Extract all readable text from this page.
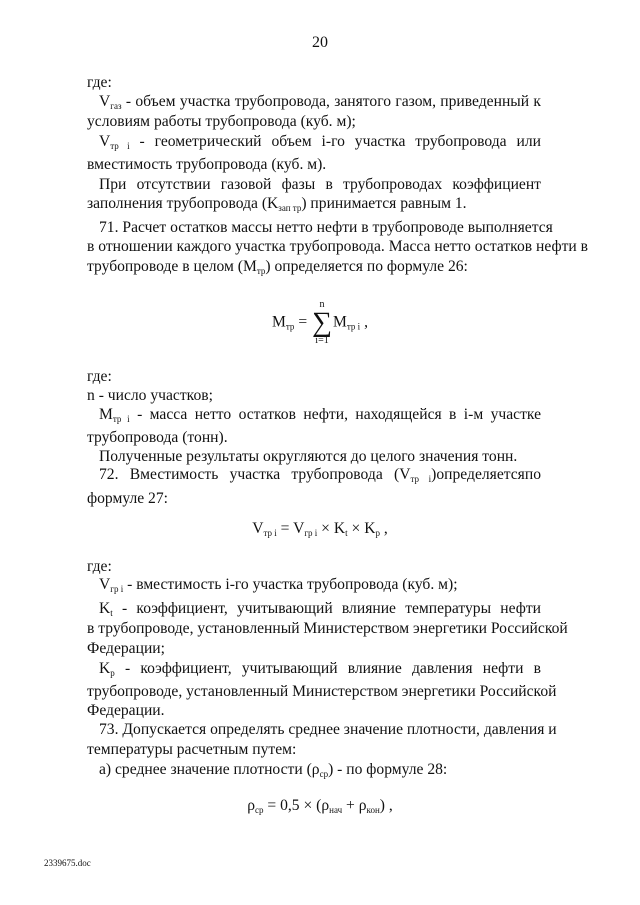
20
где:
$V_{газ}$ - объем участка трубопровода, занятого газом, приведенный к
условиям работы трубопровода (куб. м);
$V_{тр i}$ - геометрический объем i-го участка трубопровода или
вместимость трубопровода (куб. м).
При отсутствии газовой фазы в трубопроводах коэффициент
заполнения трубопровода $(K_{зап тр})$ принимается равным 1.
71. Расчет остатков массы нетто нефти в трубопроводе выполняется
в отношении каждого участка трубопровода. Масса нетто остатков нефти в
трубопроводе в целом $(M_{тр})$ определяется по формуле 26:
$M_{тр}$ =
n
∑
i=1
$M_{тр i}$ ,
где:
n - число участков;
$M_{тр i}$ - масса нетто остатков нефти, находящейся в i-м участке
трубопровода (тонн).
Полученные результаты округляются до целого значения тонн.
72. Вместимость участка трубопровода $(V_{тр i})определяетсяпо$
формуле 27:
$V_{тр i} = V_{гр i} \times K_t \times K_p$ ,
где:
$V_{гр i}$ - вместимость i-го участка трубопровода (куб. м);
$K_t$ - коэффициент, учитывающий влияние температуры нефти
в трубопроводе, установленный Министерством энергетики Российской
Федерации;
$K_p$ - коэффициент, учитывающий влияние давления нефти в
трубопроводе, установленный Министерством энергетики Российской
Федерации.
73. Допускается определять среднее значение плотности, давления и
температуры расчетным путем:
а) среднее значение плотности $(\rho_{ср})$ - по формуле 28:
$\rho_{ср} = 0,5 \times (\rho_{нач} + \rho_{кон})$ ,
2339675.doc
